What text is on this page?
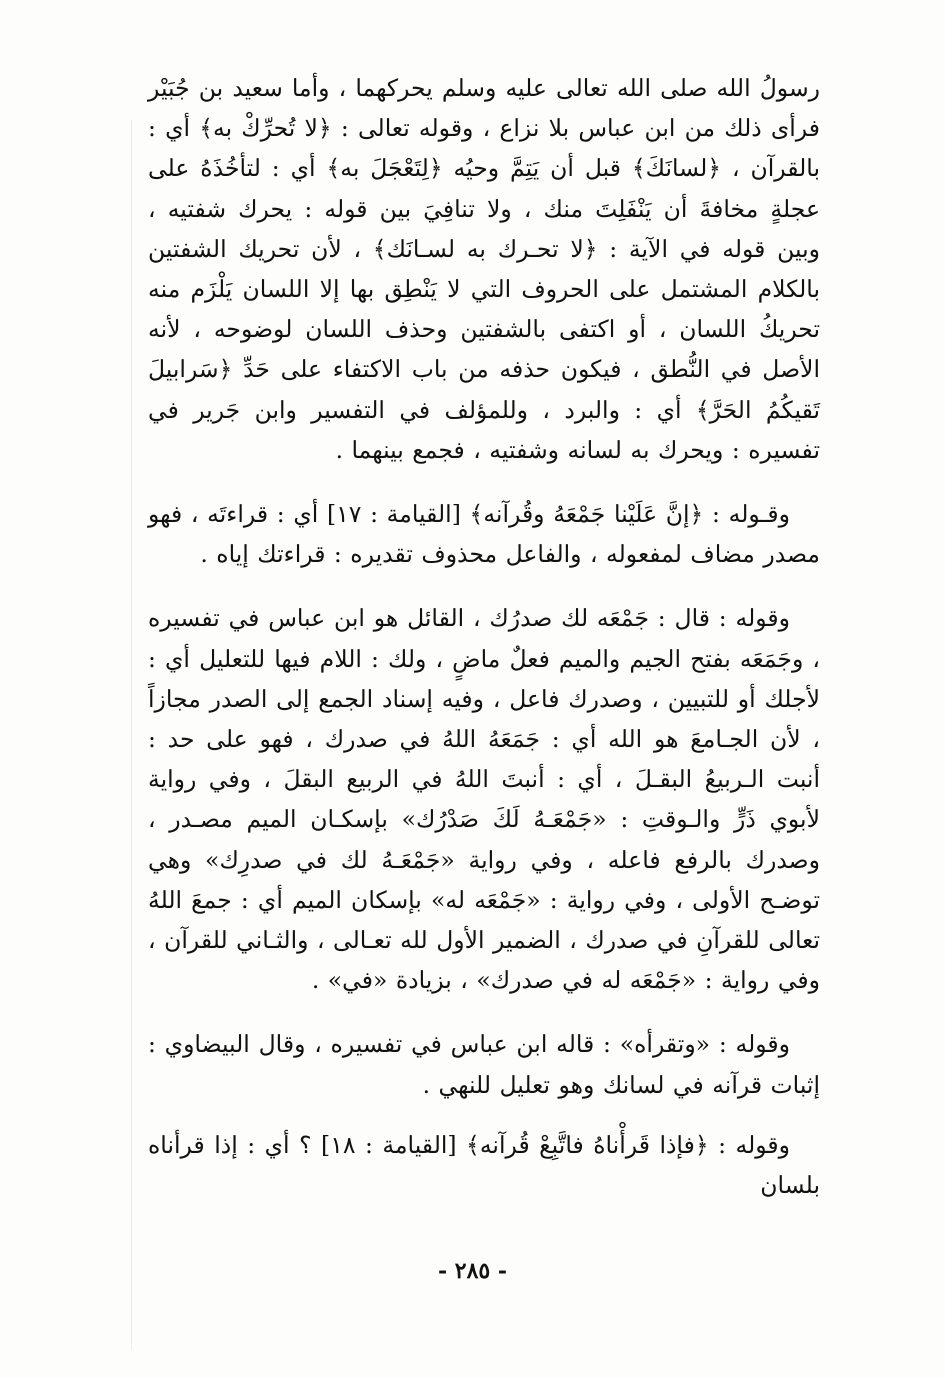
رسولُ الله صلى الله تعالى عليه وسلم يحركهما ، وأما سعيد بن جُبَيْر فرأى ذلك من ابن عباس بلا نزاع ، وقوله تعالى : ﴿لا تُحرِّكْ به﴾ أي : بالقرآن ، ﴿لسانَكَ﴾ قبل أن يَتِمَّ وحيُه ﴿لِتَعْجَلَ به﴾ أي : لتأخُذَهُ على عجلةٍ مخافةَ أن يَنْفَلِتَ منك ، ولا تنافِيَ بين قوله : يحرك شفتيه ، وبين قوله في الآية : ﴿لا تحـرك به لسـانَك﴾ ، لأن تحريك الشفتين بالكلام المشتمل على الحروف التي لا يَنْطِق بها إلا اللسان يَلْزَم منه تحريكُ اللسان ، أو اكتفى بالشفتين وحذف اللسان لوضوحه ، لأنه الأصل في النُّطق ، فيكون حذفه من باب الاكتفاء على حَدِّ ﴿سَرابيلَ تَقيكُمُ الحَرَّ﴾ أي : والبرد ، وللمؤلف في التفسير وابن جَرير في تفسيره : ويحرك به لسانه وشفتيه ، فجمع بينهما .

وقـوله : ﴿إنَّ عَلَيْنا جَمْعَهُ وقُرآنه﴾ [القيامة : ١٧] أي : قراءتَه ، فهو مصدر مضاف لمفعوله ، والفاعل محذوف تقديره : قراءتك إياه .

وقوله : قال : جَمْعَه لك صدرُك ، القائل هو ابن عباس في تفسيره ، وجَمَعَه بفتح الجيم والميم فعلٌ ماضٍ ، ولك : اللام فيها للتعليل أي : لأجلك أو للتبيين ، وصدرك فاعل ، وفيه إسناد الجمع إلى الصدر مجازاً ، لأن الجـامعَ هو الله أي : جَمَعَهُ اللهُ في صدرك ، فهو على حد : أنبت الـربيعُ البقـلَ ، أي : أنبتَ اللهُ في الربيع البقلَ ، وفي رواية لأبوي ذَرٍّ والـوقتِ : «جَمْعَـهُ لَكَ صَدْرُك» بإسكـان الميم مصـدر ، وصدرك بالرفع فاعله ، وفي رواية «جَمْعَـهُ لك في صدرِك» وهي توضـح الأولى ، وفي رواية : «جَمْعَه له» بإسكان الميم أي : جمعَ اللهُ تعالى للقرآنِ في صدرك ، الضمير الأول لله تعـالى ، والثـاني للقرآن ، وفي رواية : «جَمْعَه له في صدرك» ، بزيادة «في» .

وقوله : «وتقرأه» : قاله ابن عباس في تفسيره ، وقال البيضاوي : إثبات قرآنه في لسانك وهو تعليل للنهي .

وقوله : ﴿فإذا قَرأْناهُ فاتَّبِعْ قُرآنه﴾ [القيامة : ١٨] ؟ أي : إذا قرأناه بلسان

- ٢٨٥ -
